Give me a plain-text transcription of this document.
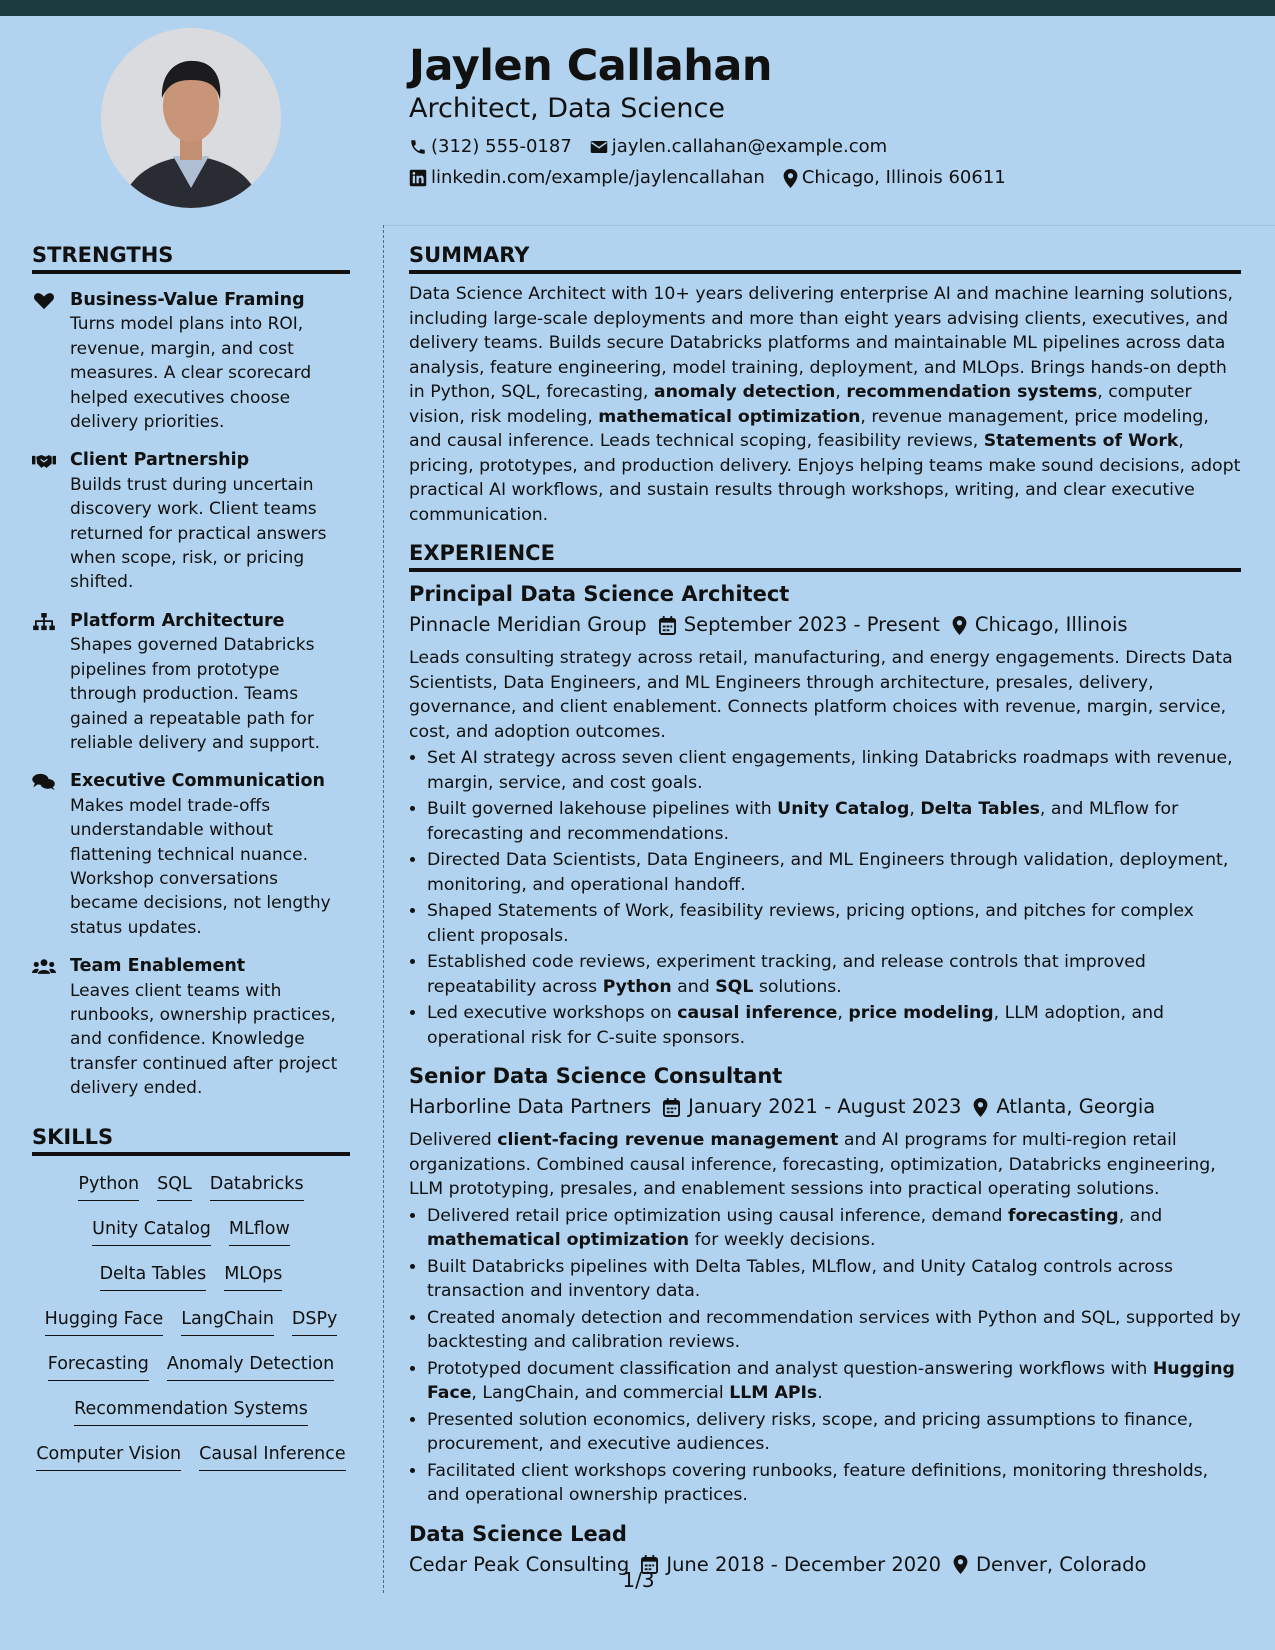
Jaylen Callahan
Architect, Data Science
(312) 555-0187 jaylen.callahan@example.com
linkedin.com/example/jaylencallahan Chicago, Illinois 60611
STRENGTHS
Business-Value Framing
Turns model plans into ROI, revenue, margin, and cost measures. A clear scorecard helped executives choose delivery priorities.
Client Partnership
Builds trust during uncertain discovery work. Client teams returned for practical answers when scope, risk, or pricing shifted.
Platform Architecture
Shapes governed Databricks pipelines from prototype through production. Teams gained a repeatable path for reliable delivery and support.
Executive Communication
Makes model trade-offs understandable without flattening technical nuance. Workshop conversations became decisions, not lengthy status updates.
Team Enablement
Leaves client teams with runbooks, ownership practices, and confidence. Knowledge transfer continued after project delivery ended.
SKILLS
Python SQL Databricks
Unity Catalog MLflow
Delta Tables MLOps
Hugging Face LangChain DSPy
Forecasting Anomaly Detection
Recommendation Systems
Computer Vision Causal Inference
SUMMARY
Data Science Architect with 10+ years delivering enterprise AI and machine learning solutions, including large-scale deployments and more than eight years advising clients, executives, and delivery teams. Builds secure Databricks platforms and maintainable ML pipelines across data analysis, feature engineering, model training, deployment, and MLOps. Brings hands-on depth in Python, SQL, forecasting, anomaly detection, recommendation systems, computer vision, risk modeling, mathematical optimization, revenue management, price modeling, and causal inference. Leads technical scoping, feasibility reviews, Statements of Work, pricing, prototypes, and production delivery. Enjoys helping teams make sound decisions, adopt practical AI workflows, and sustain results through workshops, writing, and clear executive communication.
EXPERIENCE
Principal Data Science Architect
Pinnacle Meridian Group September 2023 - Present Chicago, Illinois
Leads consulting strategy across retail, manufacturing, and energy engagements. Directs Data Scientists, Data Engineers, and ML Engineers through architecture, presales, delivery, governance, and client enablement. Connects platform choices with revenue, margin, service, cost, and adoption outcomes.
• Set AI strategy across seven client engagements, linking Databricks roadmaps with revenue, margin, service, and cost goals.
• Built governed lakehouse pipelines with Unity Catalog, Delta Tables, and MLflow for forecasting and recommendations.
• Directed Data Scientists, Data Engineers, and ML Engineers through validation, deployment, monitoring, and operational handoff.
• Shaped Statements of Work, feasibility reviews, pricing options, and pitches for complex client proposals.
• Established code reviews, experiment tracking, and release controls that improved repeatability across Python and SQL solutions.
• Led executive workshops on causal inference, price modeling, LLM adoption, and operational risk for C-suite sponsors.
Senior Data Science Consultant
Harborline Data Partners January 2021 - August 2023 Atlanta, Georgia
Delivered client-facing revenue management and AI programs for multi-region retail organizations. Combined causal inference, forecasting, optimization, Databricks engineering, LLM prototyping, presales, and enablement sessions into practical operating solutions.
• Delivered retail price optimization using causal inference, demand forecasting, and mathematical optimization for weekly decisions.
• Built Databricks pipelines with Delta Tables, MLflow, and Unity Catalog controls across transaction and inventory data.
• Created anomaly detection and recommendation services with Python and SQL, supported by backtesting and calibration reviews.
• Prototyped document classification and analyst question-answering workflows with Hugging Face, LangChain, and commercial LLM APIs.
• Presented solution economics, delivery risks, scope, and pricing assumptions to finance, procurement, and executive audiences.
• Facilitated client workshops covering runbooks, feature definitions, monitoring thresholds, and operational ownership practices.
Data Science Lead
Cedar Peak Consulting June 2018 - December 2020 Denver, Colorado
1/3
